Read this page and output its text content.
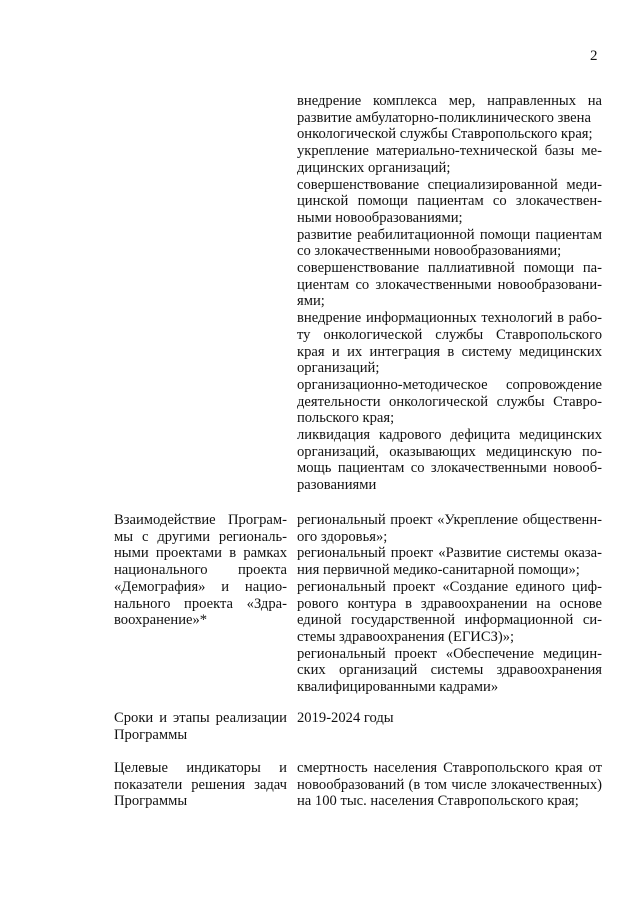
2
внедрение комплекса мер, направленных на
развитие амбулаторно-поликлинического звена
онкологической службы Ставропольского края;
укрепление материально-технической базы ме-
дицинских организаций;
совершенствование специализированной меди-
цинской помощи пациентам со злокачествен-
ными новообразованиями;
развитие реабилитационной помощи пациентам
со злокачественными новообразованиями;
совершенствование паллиативной помощи па-
циентам со злокачественными новообразовани-
ями;
внедрение информационных технологий в рабо-
ту онкологической службы Ставропольского
края и их интеграция в систему медицинских
организаций;
организационно-методическое сопровождение
деятельности онкологической службы Ставро-
польского края;
ликвидация кадрового дефицита медицинских
организаций, оказывающих медицинскую по-
мощь пациентам со злокачественными новооб-
разованиями
Взаимодействие Програм-
мы с другими региональ-
ными проектами в рамках
национального проекта
«Демография» и нацио-
нального проекта «Здра-
воохранение»*
региональный проект «Укрепление общественн-
ого здоровья»;
региональный проект «Развитие системы оказа-
ния первичной медико-санитарной помощи»;
региональный проект «Создание единого циф-
рового контура в здравоохранении на основе
единой государственной информационной си-
стемы здравоохранения (ЕГИСЗ)»;
региональный проект «Обеспечение медицин-
ских организаций системы здравоохранения
квалифицированными кадрами»
Сроки и этапы реализации
Программы
2019-2024 годы
Целевые индикаторы и
показатели решения задач
Программы
смертность населения Ставропольского края от
новообразований (в том числе злокачественных)
на 100 тыс. населения Ставропольского края;
